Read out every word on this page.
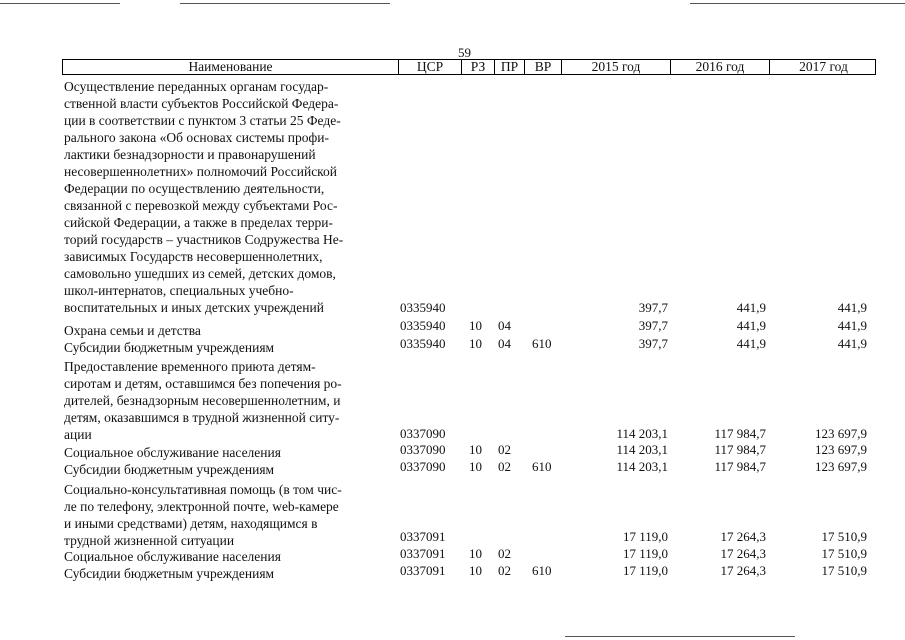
59
Наименование	ЦСР	РЗ	ПР	ВР	2015 год	2016 год	2017 год
Осуществление переданных органам государ-
ственной власти субъектов Российской Федера-
ции в соответствии с пунктом 3 статьи 25 Феде-
рального закона «Об основах системы профи-
лактики безнадзорности и правонарушений
несовершеннолетних» полномочий Российской
Федерации по осуществлению деятельности,
связанной с перевозкой между субъектами Рос-
сийской Федерации, а также в пределах терри-
торий государств – участников Содружества Не-
зависимых Государств несовершеннолетних,
самовольно ушедших из семей, детских домов,
школ-интернатов, специальных учебно-
воспитательных и иных детских учреждений	0335940	397,7	441,9	441,9
Охрана семьи и детства	0335940 10 04	397,7	441,9	441,9
Субсидии бюджетным учреждениям	0335940 10 04 610	397,7	441,9	441,9
Предоставление временного приюта детям-
сиротам и детям, оставшимся без попечения ро-
дителей, безнадзорным несовершеннолетним, и
детям, оказавшимся в трудной жизненной ситу-
ации	0337090	114 203,1	117 984,7	123 697,9
Социальное обслуживание населения	0337090 10 02	114 203,1	117 984,7	123 697,9
Субсидии бюджетным учреждениям	0337090 10 02 610	114 203,1	117 984,7	123 697,9
Социально-консультативная помощь (в том чис-
ле по телефону, электронной почте, web-камере
и иными средствами) детям, находящимся в
трудной жизненной ситуации	0337091	17 119,0	17 264,3	17 510,9
Социальное обслуживание населения	0337091 10 02	17 119,0	17 264,3	17 510,9
Субсидии бюджетным учреждениям	0337091 10 02 610	17 119,0	17 264,3	17 510,9
